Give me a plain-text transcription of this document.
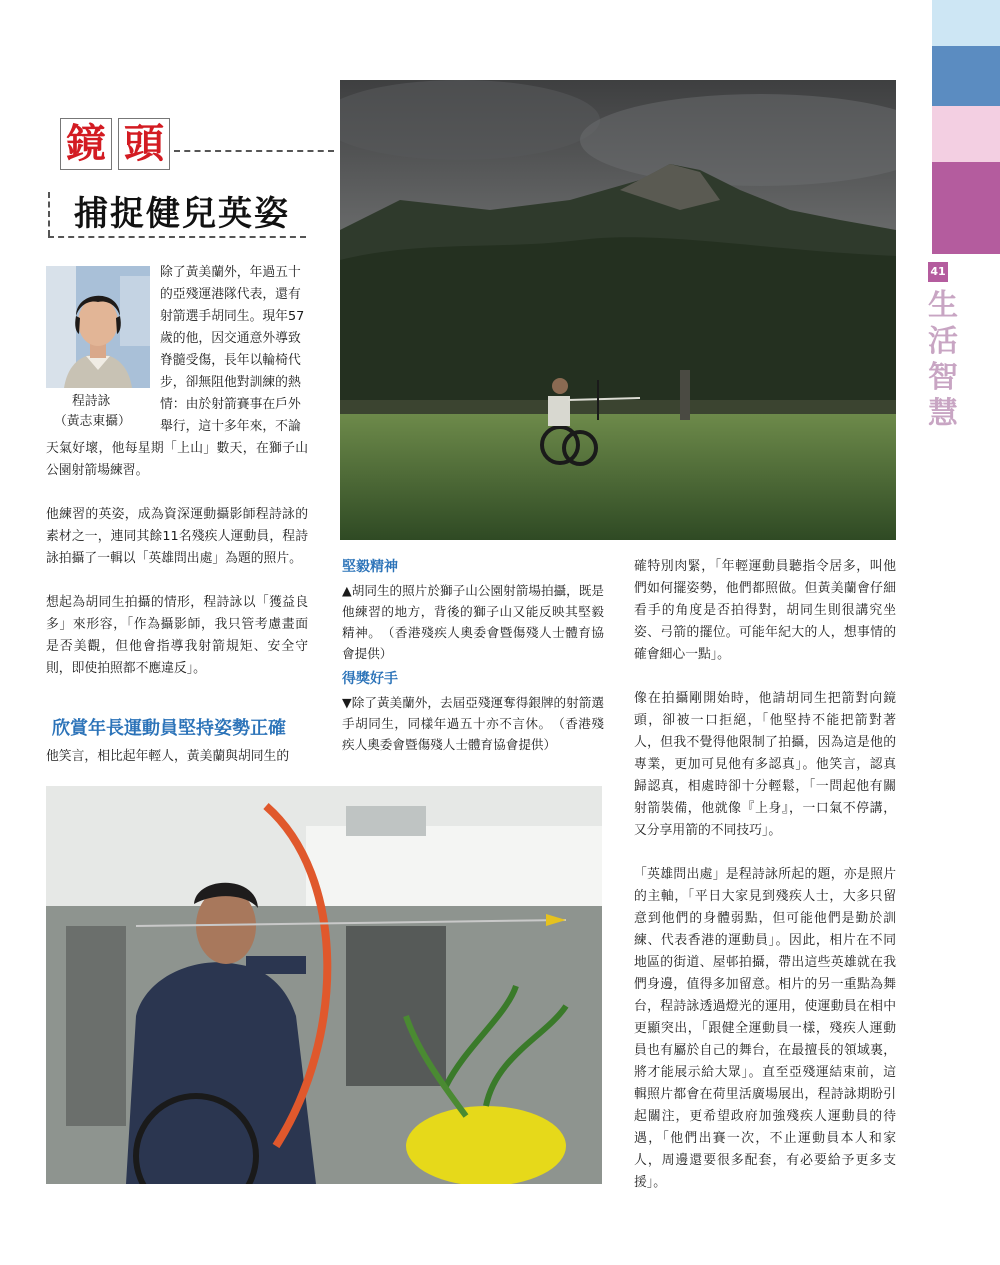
41
生
活
智
慧
鏡 頭
捕捉健兒英姿
程詩詠
（黃志東攝）

除了黃美蘭外，年過五十

的亞殘運港隊代表，還有

射箭選手胡同生。現年57

歲的他，因交通意外導致

脊髓受傷，長年以輪椅代

步，卻無阻他對訓練的熱

情：由於射箭賽事在戶外

舉行，這十多年來，不論

天氣好壞，他每星期「上山」數天，在獅子山公園射箭場練習。

他練習的英姿，成為資深運動攝影師程詩詠的素材之一，連同其餘11名殘疾人運動員，程詩詠拍攝了一輯以「英雄問出處」為題的照片。

想起為胡同生拍攝的情形，程詩詠以「獲益良多」來形容，「作為攝影師，我只管考慮畫面是否美觀，但他會指導我射箭規矩、安全守則，即使拍照都不應違反」。

欣賞年長運動員堅持姿勢正確

他笑言，相比起年輕人，黃美蘭與胡同生的

堅毅精神

▲胡同生的照片於獅子山公園射箭場拍攝，既是他練習的地方，背後的獅子山又能反映其堅毅精神。　（香港殘疾人奧委會暨傷殘人士體育協會提供）

得獎好手

▼除了黃美蘭外，去屆亞殘運奪得銀牌的射箭選手胡同生，同樣年過五十亦不言休。　（香港殘疾人奧委會暨傷殘人士體育協會提供）

確特別肉緊，「年輕運動員聽指令居多，叫他們如何擺姿勢，他們都照做。但黃美蘭會仔細看手的角度是否拍得對，胡同生則很講究坐姿、弓箭的擺位。可能年紀大的人，想事情的確會細心一點」。

像在拍攝剛開始時，他請胡同生把箭對向鏡頭，卻被一口拒絕，「他堅持不能把箭對著人，但我不覺得他限制了拍攝，因為這是他的專業，更加可見他有多認真」。他笑言，認真歸認真，相處時卻十分輕鬆，「一問起他有關射箭裝備，他就像『上身』，一口氣不停講，又分享用箭的不同技巧」。

「英雄問出處」是程詩詠所起的題，亦是照片的主軸，「平日大家見到殘疾人士，大多只留意到他們的身體弱點，但可能他們是勤於訓練、代表香港的運動員」。因此，相片在不同地區的街道、屋邨拍攝，帶出這些英雄就在我們身邊，值得多加留意。相片的另一重點為舞台，程詩詠透過燈光的運用，使運動員在相中更顯突出，「跟健全運動員一樣，殘疾人運動員也有屬於自己的舞台，在最擅長的領域裏，將才能展示給大眾」。直至亞殘運結束前，這輯照片都會在荷里活廣場展出，程詩詠期盼引起關注，更希望政府加強殘疾人運動員的待遇，「他們出賽一次，不止運動員本人和家人，周邊還要很多配套，有必要給予更多支援」。
